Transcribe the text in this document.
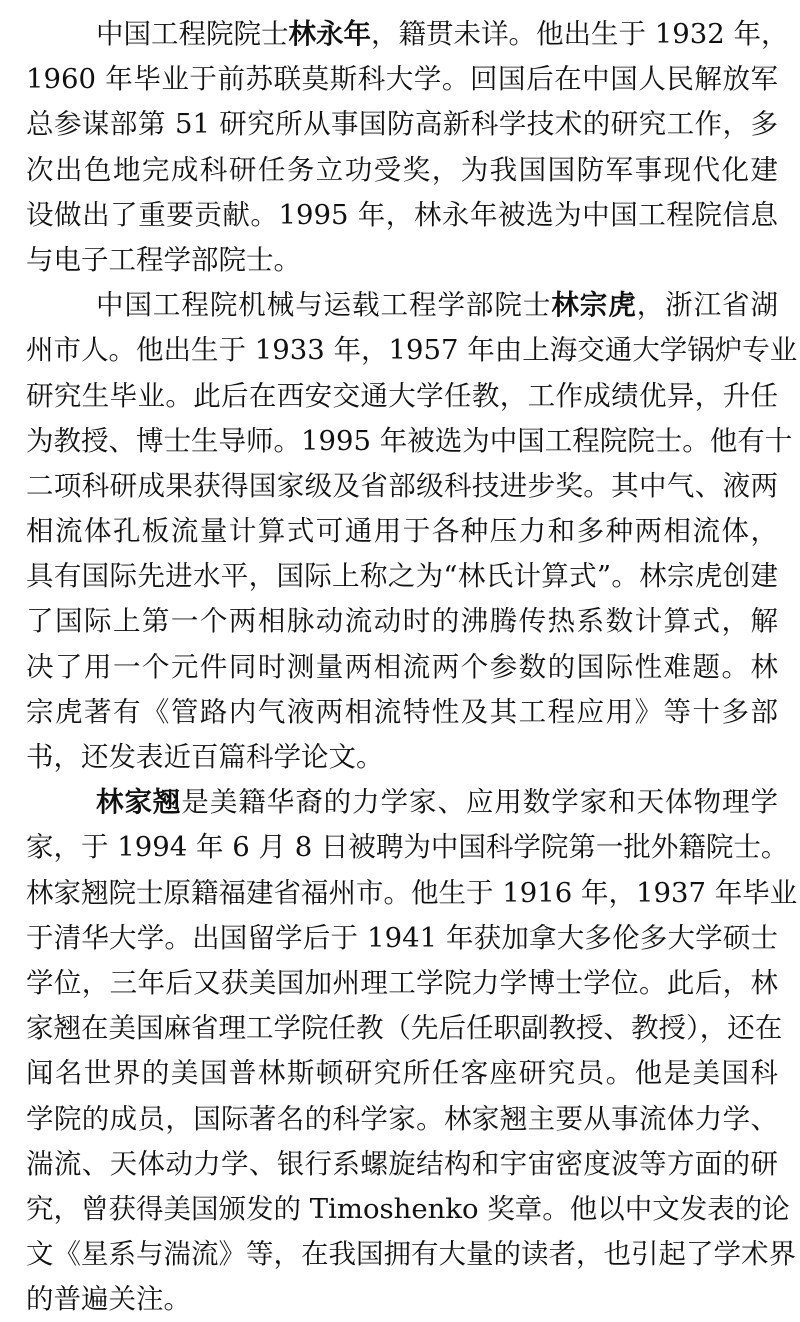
中国工程院院士林永年，籍贯未详。他出生于 1932 年，
1960 年毕业于前苏联莫斯科大学。回国后在中国人民解放军
总参谋部第 51 研究所从事国防高新科学技术的研究工作，多
次出色地完成科研任务立功受奖，为我国国防军事现代化建
设做出了重要贡献。1995 年，林永年被选为中国工程院信息
与电子工程学部院士。
中国工程院机械与运载工程学部院士林宗虎，浙江省湖
州市人。他出生于 1933 年，1957 年由上海交通大学锅炉专业
研究生毕业。此后在西安交通大学任教，工作成绩优异，升任
为教授、博士生导师。1995 年被选为中国工程院院士。他有十
二项科研成果获得国家级及省部级科技进步奖。其中气、液两
相流体孔板流量计算式可通用于各种压力和多种两相流体，
具有国际先进水平，国际上称之为“林氏计算式”。林宗虎创建
了国际上第一个两相脉动流动时的沸腾传热系数计算式，解
决了用一个元件同时测量两相流两个参数的国际性难题。林
宗虎著有《管路内气液两相流特性及其工程应用》等十多部
书，还发表近百篇科学论文。
林家翘是美籍华裔的力学家、应用数学家和天体物理学
家，于 1994 年 6 月 8 日被聘为中国科学院第一批外籍院士。
林家翘院士原籍福建省福州市。他生于 1916 年，1937 年毕业
于清华大学。出国留学后于 1941 年获加拿大多伦多大学硕士
学位，三年后又获美国加州理工学院力学博士学位。此后，林
家翘在美国麻省理工学院任教（先后任职副教授、教授），还在
闻名世界的美国普林斯顿研究所任客座研究员。他是美国科
学院的成员，国际著名的科学家。林家翘主要从事流体力学、
湍流、天体动力学、银行系螺旋结构和宇宙密度波等方面的研
究，曾获得美国颁发的 Timoshenko 奖章。他以中文发表的论
文《星系与湍流》等，在我国拥有大量的读者，也引起了学术界
的普遍关注。
